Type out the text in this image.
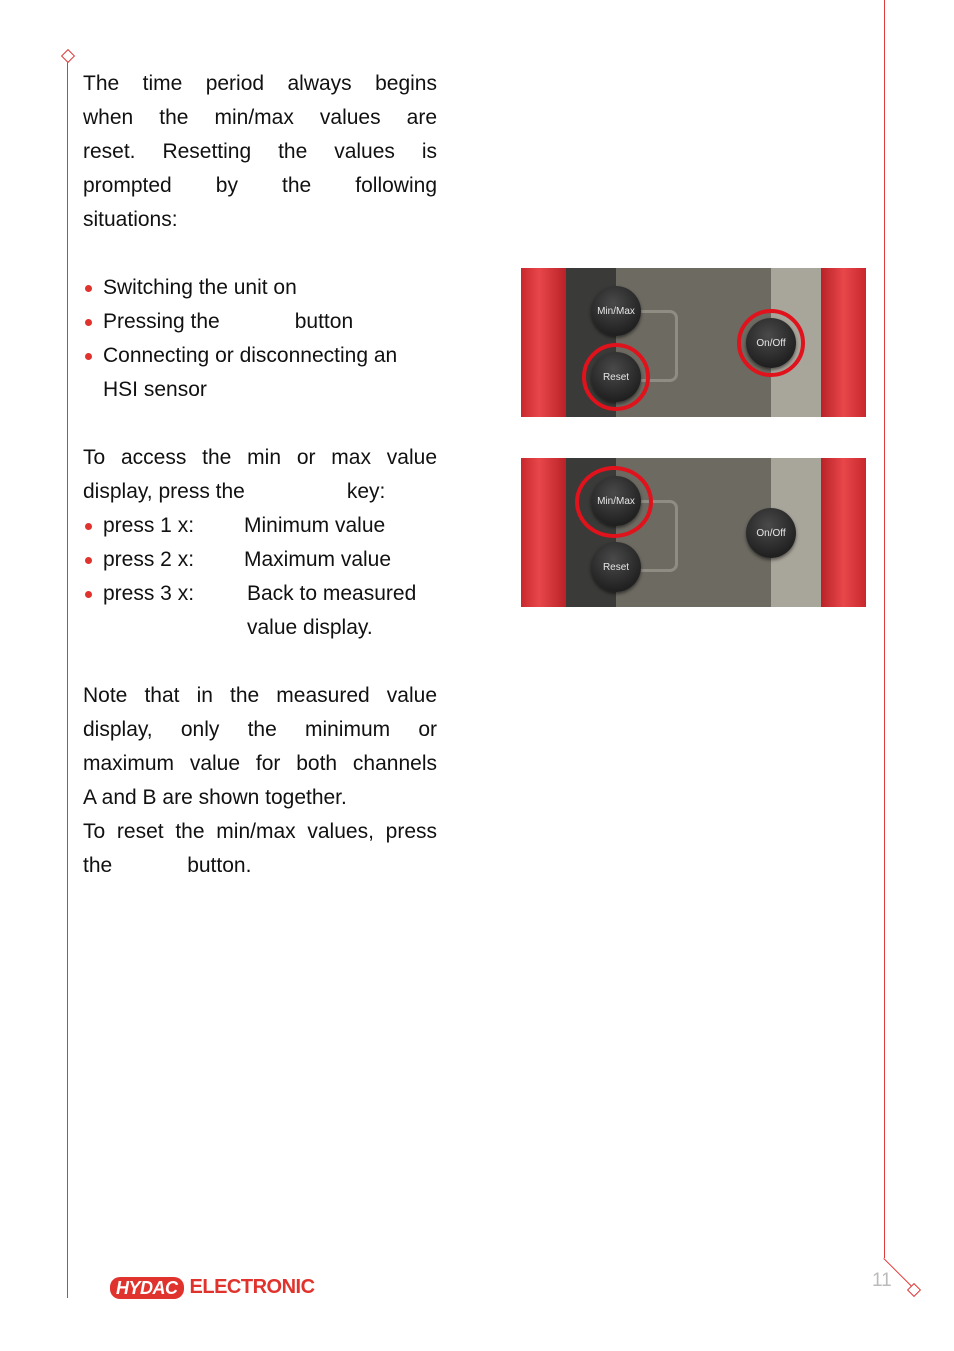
The time period always begins
when the min/max values are
reset. Resetting the values is
prompted by the following
situations:
Switching the unit on
Pressing the	button
Connecting or disconnecting an
HSI sensor
To access the min or max value
display, press the	key:
press 1 x:	Minimum value
press 2 x:	Maximum value
press 3 x:	Back to measured
value display.
Note that in the measured value
display, only the minimum or
maximum value for both channels
A and B are shown together.
To reset the min/max values, press
the	button.
Min/Max
Reset
On/Off
Min/Max
Reset
On/Off
HYDAC ELECTRONIC	11
